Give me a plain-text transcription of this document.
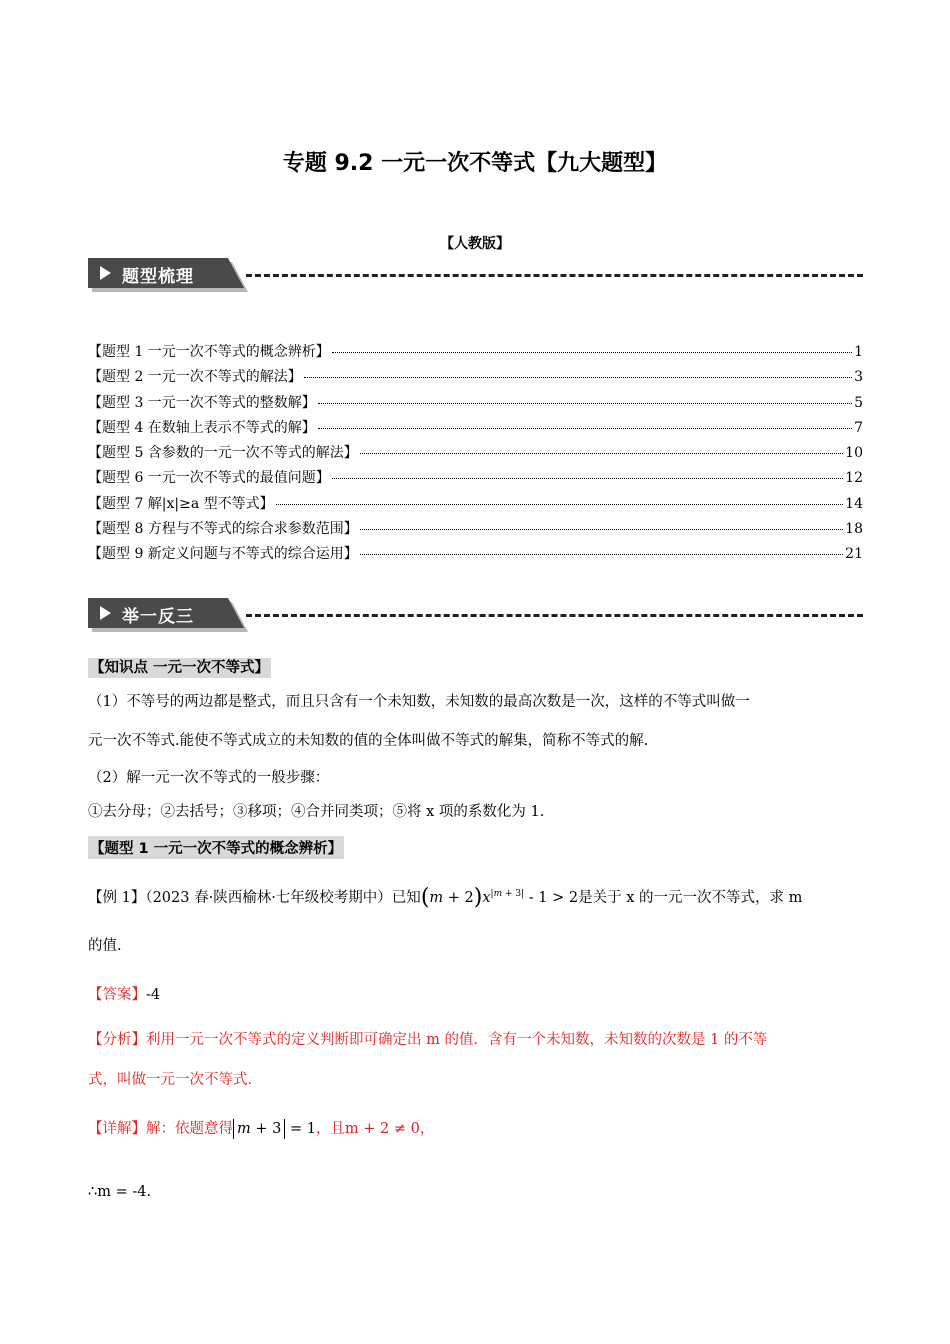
专题 9.2 一元一次不等式【九大题型】
【人教版】
题型梳理
【题型 1 一元一次不等式的概念辨析】	1
【题型 2 一元一次不等式的解法】	3
【题型 3 一元一次不等式的整数解】	5
【题型 4 在数轴上表示不等式的解】	7
【题型 5 含参数的一元一次不等式的解法】	10
【题型 6 一元一次不等式的最值问题】	12
【题型 7 解|x|≥a 型不等式】	14
【题型 8 方程与不等式的综合求参数范围】	18
【题型 9 新定义问题与不等式的综合运用】	21
举一反三
【知识点 一元一次不等式】
（1）不等号的两边都是整式，而且只含有一个未知数，未知数的最高次数是一次，这样的不等式叫做一
元一次不等式.能使不等式成立的未知数的值的全体叫做不等式的解集，简称不等式的解.
（2）解一元一次不等式的一般步骤：
①去分母；②去括号；③移项；④合并同类项；⑤将 x 项的系数化为 1.
【题型 1 一元一次不等式的概念辨析】
【例 1】（2023 春·陕西榆林·七年级校考期中）已知$(m + 2)x^{|m + 3|} - 1 > 2$是关于 x 的一元一次不等式，求 m
的值.
【答案】-4
【分析】利用一元一次不等式的定义判断即可确定出 m 的值．含有一个未知数，未知数的次数是 1 的不等
式，叫做一元一次不等式.
【详解】解：依题意得 m + 3 = 1，且m + 2 ≠ 0，
∴m = -4.
